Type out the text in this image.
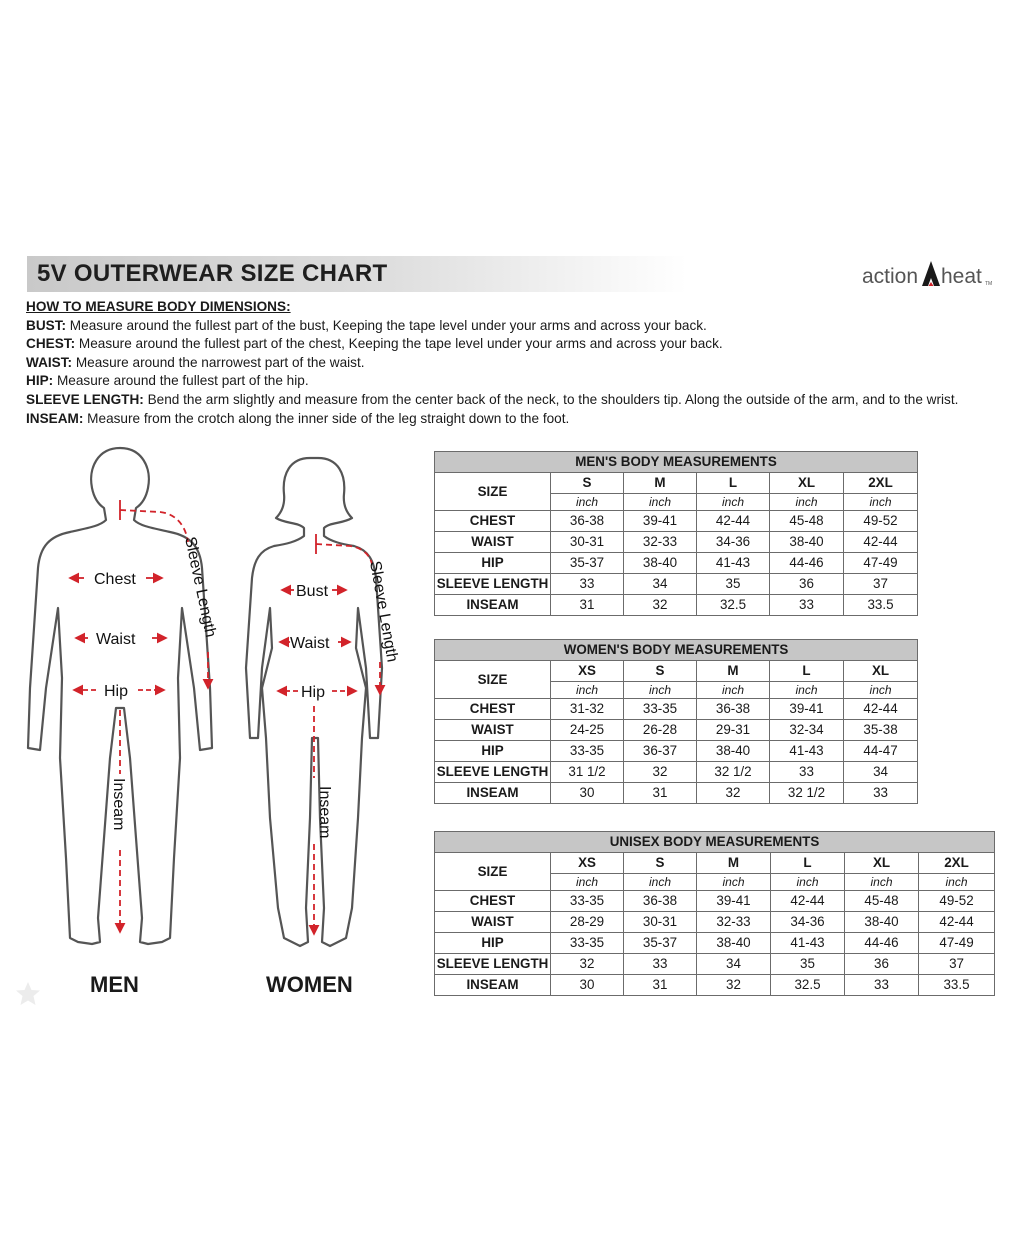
5V OUTERWEAR SIZE CHART	action heat TM
HOW TO MEASURE BODY DIMENSIONS:
BUST: Measure around the fullest part of the bust, Keeping the tape level under your arms and across your back.
CHEST: Measure around the fullest part of the chest, Keeping the tape level under your arms and across your back.
WAIST: Measure around the narrowest part of the waist.
HIP: Measure around the fullest part of the hip.
SLEEVE LENGTH: Bend the arm slightly and measure from the center back of the neck, to the shoulders tip. Along the outside of the arm, and to the wrist.
INSEAM: Measure from the crotch along the inner side of the leg straight down to the foot.
Chest
Waist
Hip
Sleeve Length
Inseam
MEN
Bust
Waist
Hip
Sleeve Length
Inseam
WOMEN
MEN'S BODY MEASUREMENTS					
SIZE	S	M	L	XL	2XL
	inch	inch	inch	inch	inch
CHEST	36-38	39-41	42-44	45-48	49-52
WAIST	30-31	32-33	34-36	38-40	42-44
HIP	35-37	38-40	41-43	44-46	47-49
SLEEVE LENGTH	33	34	35	36	37
INSEAM	31	32	32.5	33	33.5
WOMEN'S BODY MEASUREMENTS					
SIZE	XS	S	M	L	XL
	inch	inch	inch	inch	inch
CHEST	31-32	33-35	36-38	39-41	42-44
WAIST	24-25	26-28	29-31	32-34	35-38
HIP	33-35	36-37	38-40	41-43	44-47
SLEEVE LENGTH	31 1/2	32	32 1/2	33	34
INSEAM	30	31	32	32 1/2	33
UNISEX BODY MEASUREMENTS						
SIZE	XS	S	M	L	XL	2XL
	inch	inch	inch	inch	inch	inch
CHEST	33-35	36-38	39-41	42-44	45-48	49-52
WAIST	28-29	30-31	32-33	34-36	38-40	42-44
HIP	33-35	35-37	38-40	41-43	44-46	47-49
SLEEVE LENGTH	32	33	34	35	36	37
INSEAM	30	31	32	32.5	33	33.5
